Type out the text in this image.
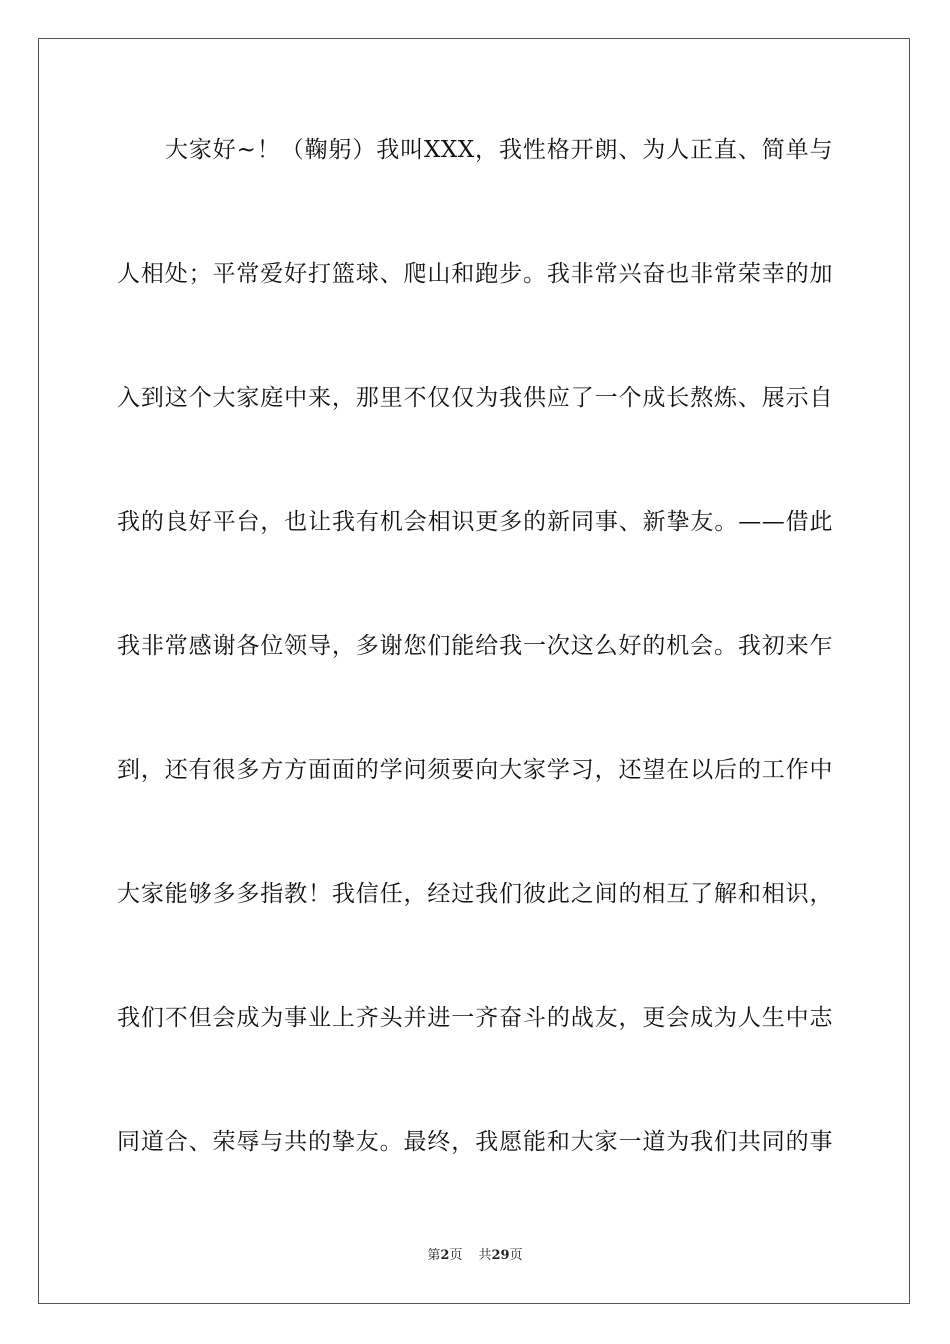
大家好~！（鞠躬）我叫XXX，我性格开朗、为人正直、简单与
人相处；平常爱好打篮球、爬山和跑步。我非常兴奋也非常荣幸的加
入到这个大家庭中来，那里不仅仅为我供应了一个成长熬炼、展示自
我的良好平台，也让我有机会相识更多的新同事、新挚友。——借此
我非常感谢各位领导，多谢您们能给我一次这么好的机会。我初来乍
到，还有很多方方面面的学问须要向大家学习，还望在以后的工作中
大家能够多多指教！我信任，经过我们彼此之间的相互了解和相识，
我们不但会成为事业上齐头并进一齐奋斗的战友，更会成为人生中志
同道合、荣辱与共的挚友。最终，我愿能和大家一道为我们共同的事
第2页 共29页
